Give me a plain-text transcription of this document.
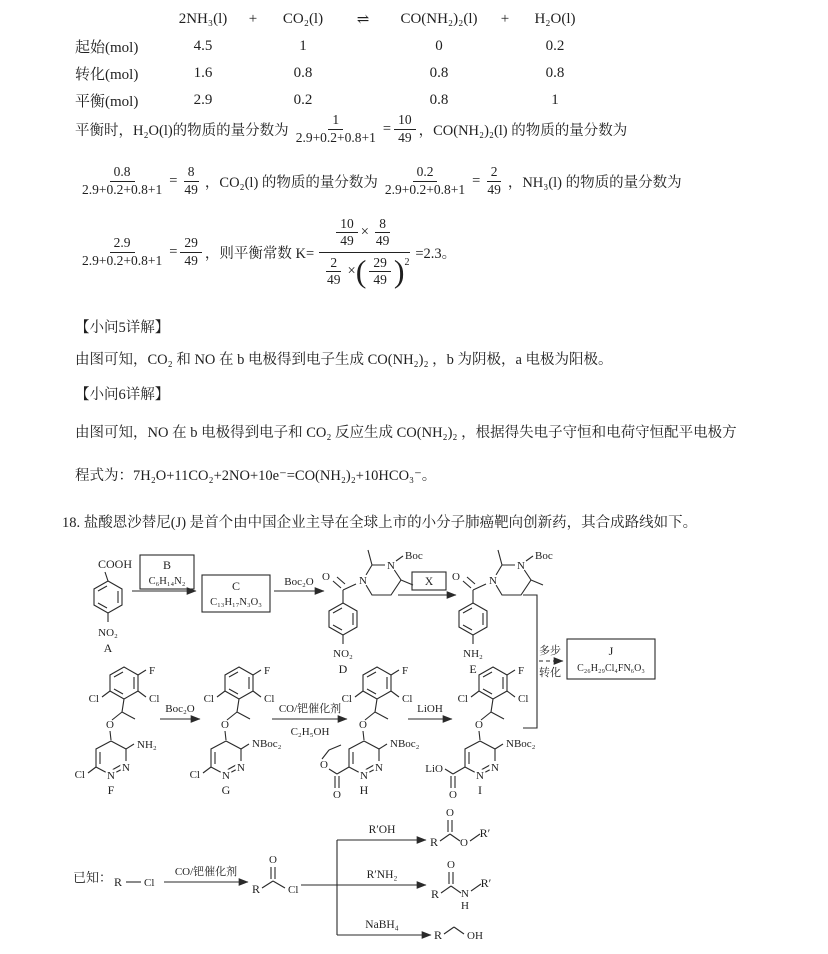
2NH₃(l)	+	CO₂(l)	⇌	CO(NH₂)₂(l)	+	H₂O(l)
起始(mol)	4.5	1	0	0.2
转化(mol)	1.6	0.8	0.8	0.8
平衡(mol)	2.9	0.2	0.8	1
平衡时，H₂O(l)的物质的量分数为 $\frac{1}{2.9+0.2+0.8+1} = \frac{10}{49}$ ， CO(NH₂)₂(l) 的物质的量分数为
$\frac{0.8}{2.9+0.2+0.8+1} = \frac{8}{49}$ ， CO₂(l) 的物质的量分数为 $\frac{0.2}{2.9+0.2+0.8+1} = \frac{2}{49}$ ， NH₃(l) 的物质的量分数为
$\frac{2.9}{2.9+0.2+0.8+1} = \frac{29}{49}$ ，则平衡常数 $K= \frac{\frac{10}{49} \times \frac{8}{49}}{\frac{2}{49} \times ( \frac{29}{49} ) 2} =2.3$。
【小问5详解】
由图可知，CO₂ 和 NO 在 b 电极得到电子生成 CO(NH₂)₂ ，b 为阴极，a 电极为阳极。
【小问6详解】
由图可知，NO 在 b 电极得到电子和 CO₂ 反应生成 CO(NH₂)₂ ，根据得失电子守恒和电荷守恒配平电极方
程式为：7H₂O+11CO₂+2NO+10e⁻=CO(NH₂)₂+10HCO₃⁻。
18. 盐酸恩沙替尼(J) 是首个由中国企业主导在全球上市的小分子肺癌靶向创新药，其合成路线如下。
COOH
NO₂
A
B
C₆H₁₄N₂	C
C₁₃H₁₇N₃O₃
Boc₂O O	N
N
Boc
NO₂
D
X O	N
N
Boc
NH₂
E
多步
转化
J
C₂₆H₂₉Cl₄FN₆O₃
F
Cl	Cl
O
NH₂
Cl N
N
F
Boc₂O
F
Cl	Cl
O
NBoc₂
Cl N
N
G
CO/钯催化剂
C₂H₅OH
F
Cl	Cl
O
NBoc₂
N
N
O
O H
LiOH
F
Cl	Cl
O
NBoc₂
N
N
LiO
O I
已知： R Cl
CO/钯催化剂
R
O
Cl
R′OH
R′NH₂
NaBH₄
R
O
O
R′
R
O
N
H
R′
R OH
